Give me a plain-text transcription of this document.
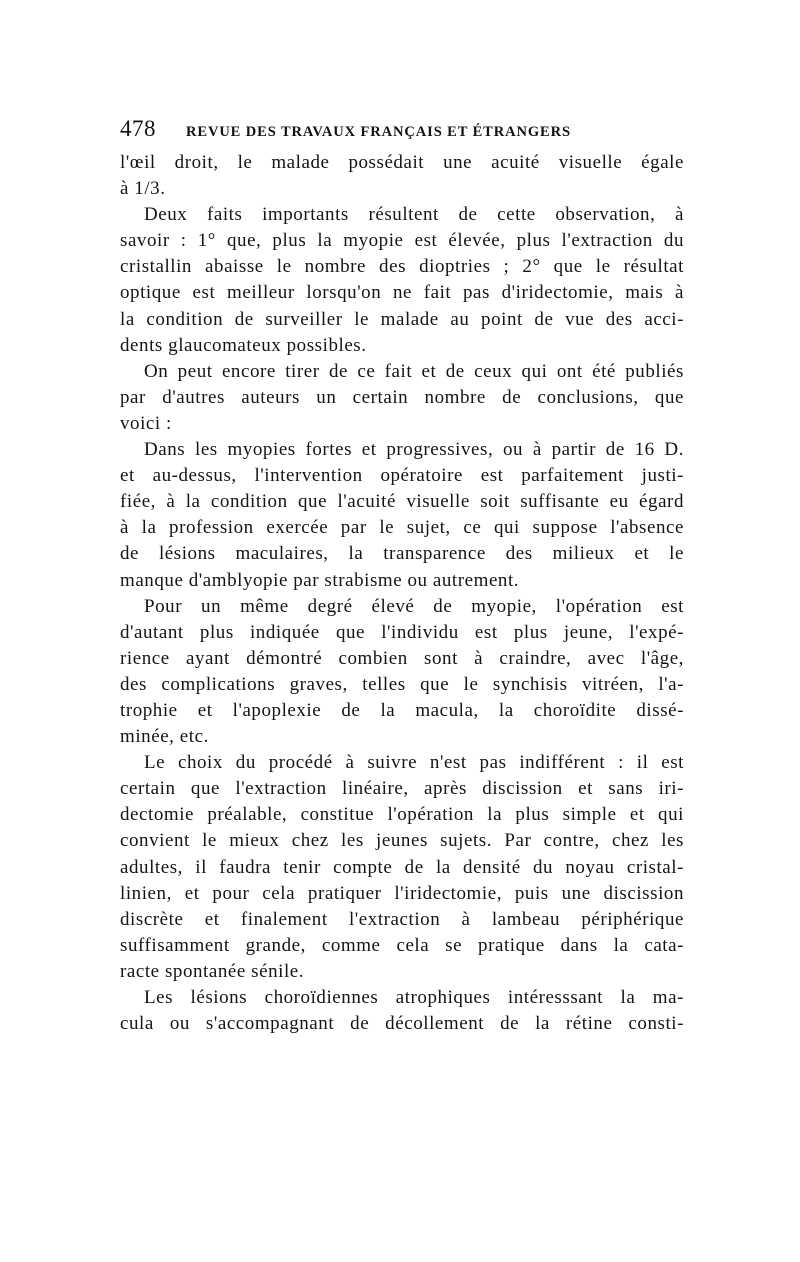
478 REVUE DES TRAVAUX FRANÇAIS ET ÉTRANGERS
l'œil droit, le malade possédait une acuité visuelle égale
à 1/3.
Deux faits importants résultent de cette observation, à
savoir : 1° que, plus la myopie est élevée, plus l'extraction du
cristallin abaisse le nombre des dioptries ; 2° que le résultat
optique est meilleur lorsqu'on ne fait pas d'iridectomie, mais à
la condition de surveiller le malade au point de vue des acci-
dents glaucomateux possibles.
On peut encore tirer de ce fait et de ceux qui ont été publiés
par d'autres auteurs un certain nombre de conclusions, que
voici :
Dans les myopies fortes et progressives, ou à partir de 16 D.
et au-dessus, l'intervention opératoire est parfaitement justi-
fiée, à la condition que l'acuité visuelle soit suffisante eu égard
à la profession exercée par le sujet, ce qui suppose l'absence
de lésions maculaires, la transparence des milieux et le
manque d'amblyopie par strabisme ou autrement.
Pour un même degré élevé de myopie, l'opération est
d'autant plus indiquée que l'individu est plus jeune, l'expé-
rience ayant démontré combien sont à craindre, avec l'âge,
des complications graves, telles que le synchisis vitréen, l'a-
trophie et l'apoplexie de la macula, la choroïdite dissé-
minée, etc.
Le choix du procédé à suivre n'est pas indifférent : il est
certain que l'extraction linéaire, après discission et sans iri-
dectomie préalable, constitue l'opération la plus simple et qui
convient le mieux chez les jeunes sujets. Par contre, chez les
adultes, il faudra tenir compte de la densité du noyau cristal-
linien, et pour cela pratiquer l'iridectomie, puis une discission
discrète et finalement l'extraction à lambeau périphérique
suffisamment grande, comme cela se pratique dans la cata-
racte spontanée sénile.
Les lésions choroïdiennes atrophiques intéresssant la ma-
cula ou s'accompagnant de décollement de la rétine consti-
